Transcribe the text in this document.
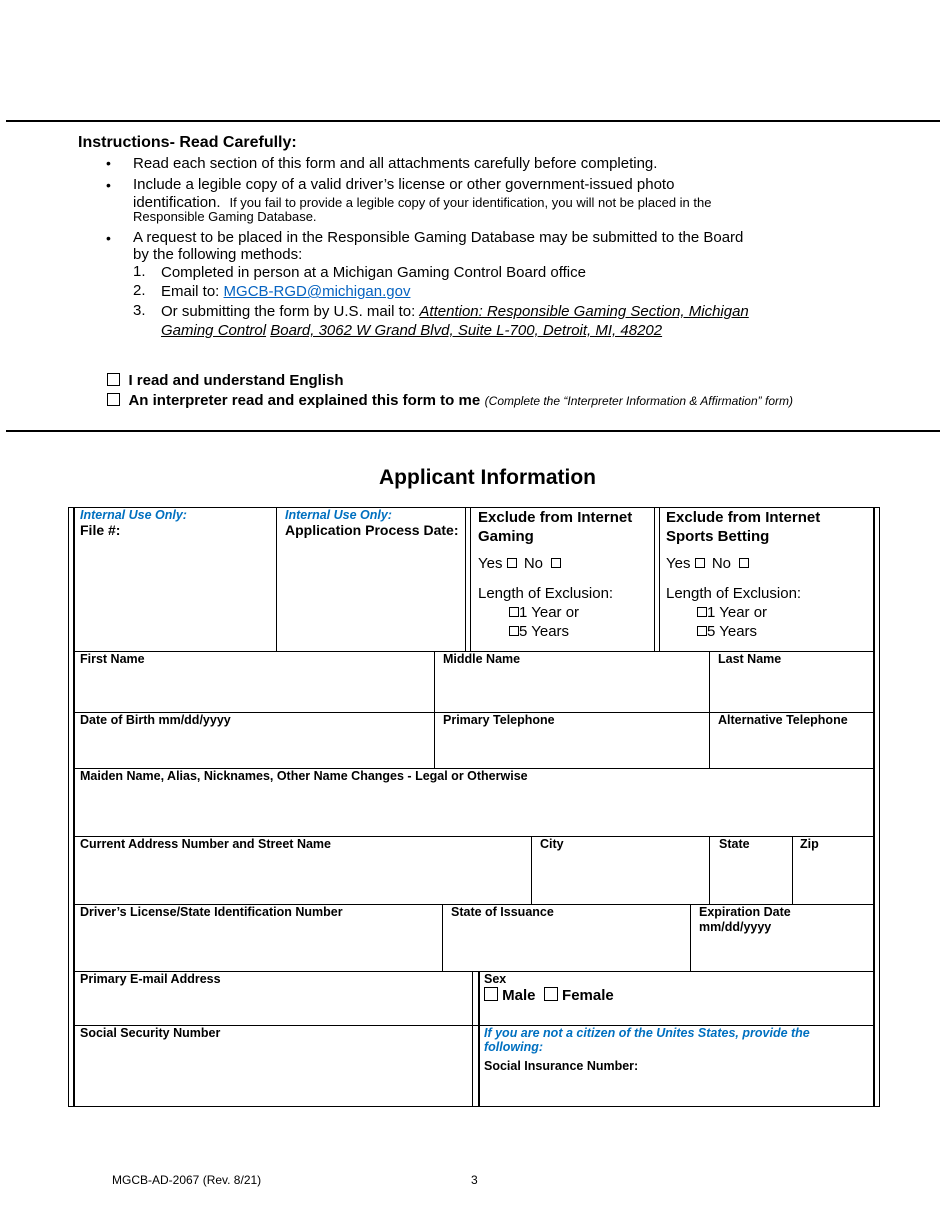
Instructions- Read Carefully:
• Read each section of this form and all attachments carefully before completing.
• Include a legible copy of a valid driver’s license or other government-issued photo
identification. If you fail to provide a legible copy of your identification, you will not be placed in the
Responsible Gaming Database.
• A request to be placed in the Responsible Gaming Database may be submitted to the Board
by the following methods:
1. Completed in person at a Michigan Gaming Control Board office
2. Email to: MGCB-RGD@michigan.gov
3. Or submitting the form by U.S. mail to: Attention: Responsible Gaming Section, Michigan
Gaming Control Board, 3062 W Grand Blvd, Suite L-700, Detroit, MI, 48202
I read and understand English
An interpreter read and explained this form to me (Complete the “Interpreter Information & Affirmation” form)
Applicant Information
Internal Use Only:
File #:
Internal Use Only:
Application Process Date:
Exclude from Internet
Gaming
Yes No
Length of Exclusion:
1 Year or
5 Years
Exclude from Internet
Sports Betting
Yes No
Length of Exclusion:
1 Year or
5 Years
First Name	Middle Name	Last Name
Date of Birth mm/dd/yyyy	Primary Telephone	Alternative Telephone
Maiden Name, Alias, Nicknames, Other Name Changes - Legal or Otherwise
Current Address Number and Street Name	City	State	Zip
Driver’s License/State Identification Number	State of Issuance	Expiration Date
mm/dd/yyyy
Primary E-mail Address	Sex
Male Female
Social Security Number	If you are not a citizen of the Unites States, provide the following:
Social Insurance Number:
MGCB-AD-2067 (Rev. 8/21)	3
